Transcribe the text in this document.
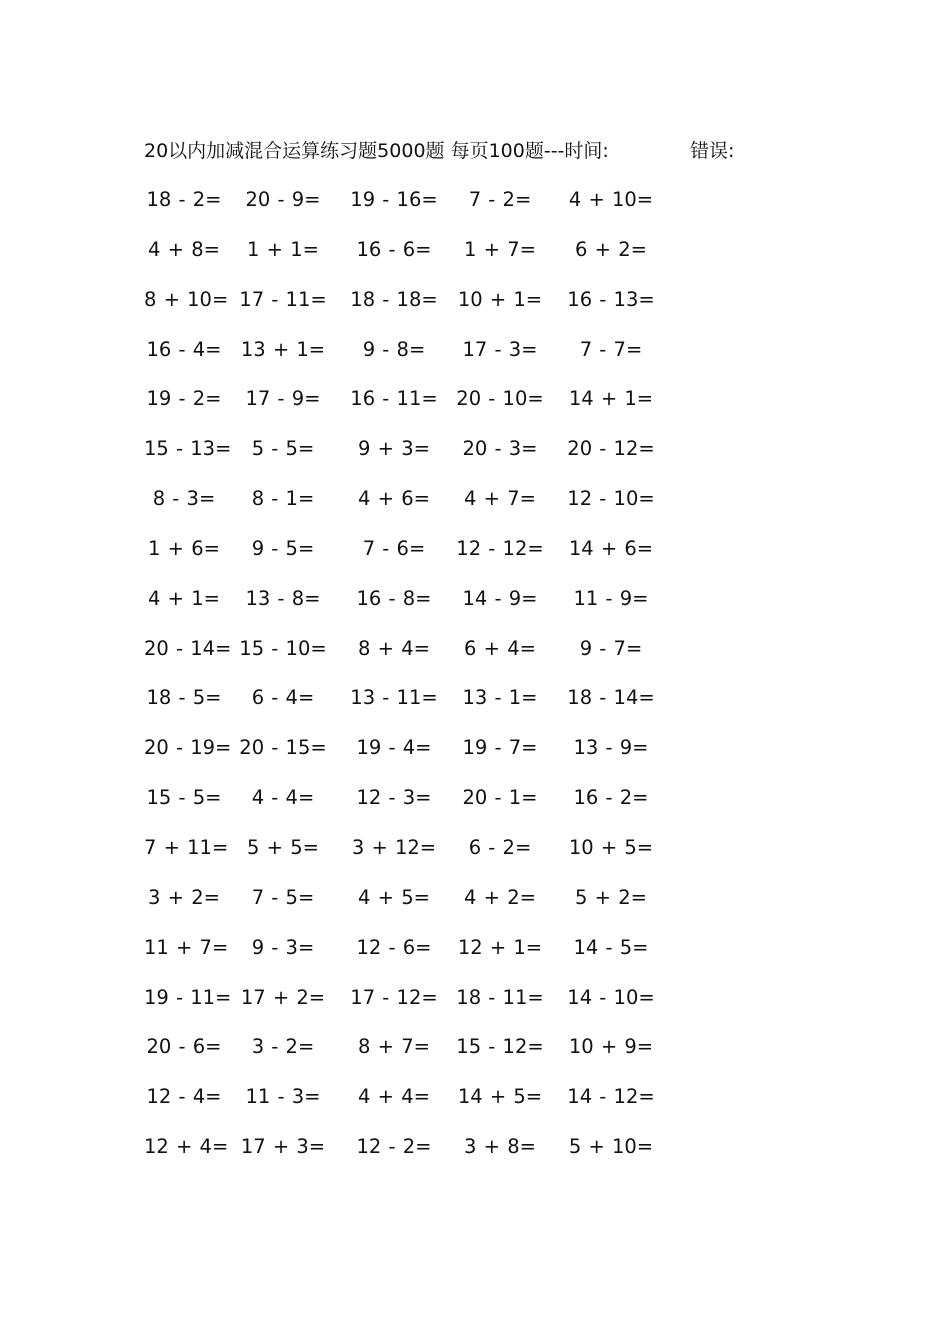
20以内加减混合运算练习题5000题 每页100题---时间:	错误:
18 - 2= 20 - 9= 19 - 16= 7 - 2= 4 + 10=
4 + 8= 1 + 1= 16 - 6= 1 + 7= 6 + 2=
8 + 10= 17 - 11= 18 - 18= 10 + 1= 16 - 13=
16 - 4= 13 + 1= 9 - 8= 17 - 3= 7 - 7=
19 - 2= 17 - 9= 16 - 11= 20 - 10= 14 + 1=
15 - 13= 5 - 5= 9 + 3= 20 - 3= 20 - 12=
8 - 3= 8 - 1= 4 + 6= 4 + 7= 12 - 10=
1 + 6= 9 - 5= 7 - 6= 12 - 12= 14 + 6=
4 + 1= 13 - 8= 16 - 8= 14 - 9= 11 - 9=
20 - 14= 15 - 10= 8 + 4= 6 + 4= 9 - 7=
18 - 5= 6 - 4= 13 - 11= 13 - 1= 18 - 14=
20 - 19= 20 - 15= 19 - 4= 19 - 7= 13 - 9=
15 - 5= 4 - 4= 12 - 3= 20 - 1= 16 - 2=
7 + 11= 5 + 5= 3 + 12= 6 - 2= 10 + 5=
3 + 2= 7 - 5= 4 + 5= 4 + 2= 5 + 2=
11 + 7= 9 - 3= 12 - 6= 12 + 1= 14 - 5=
19 - 11= 17 + 2= 17 - 12= 18 - 11= 14 - 10=
20 - 6= 3 - 2= 8 + 7= 15 - 12= 10 + 9=
12 - 4= 11 - 3= 4 + 4= 14 + 5= 14 - 12=
12 + 4= 17 + 3= 12 - 2= 3 + 8= 5 + 10=
